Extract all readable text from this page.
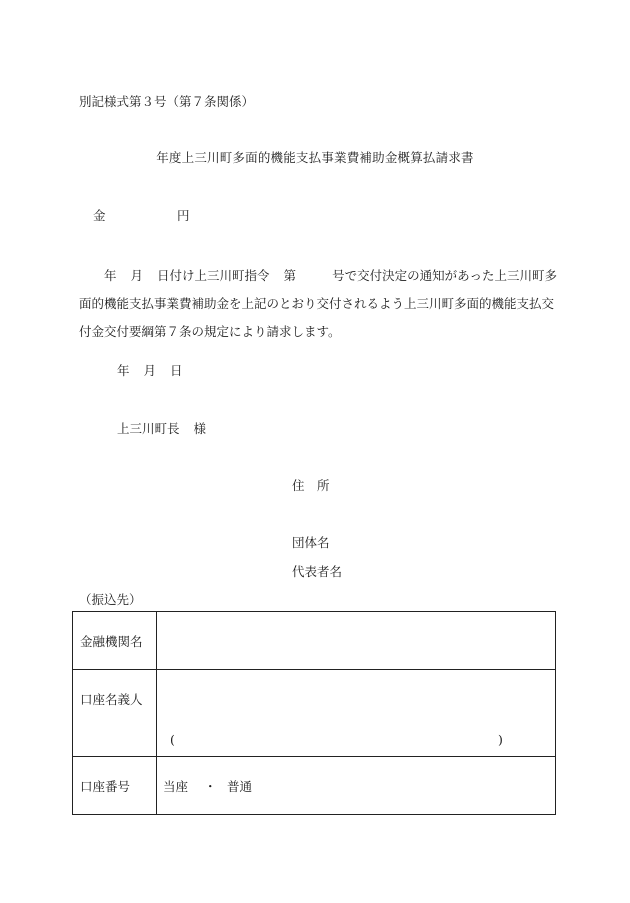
別記様式第３号（第７条関係）
年度上三川町多面的機能支払事業費補助金概算払請求書
金	円
年 月 日付け上三川町指令 第	号で交付決定の通知があった上三川町多
面的機能支払事業費補助金を上記のとおり交付されるよう上三川町多面的機能支払交
付金交付要綱第７条の規定により請求します。
年 月 日
上三川町長 様
住　所
団体名
代表者名
（振込先）
金融機関名	

口座名義人	( )

口座番号	当座 ・ 普通
